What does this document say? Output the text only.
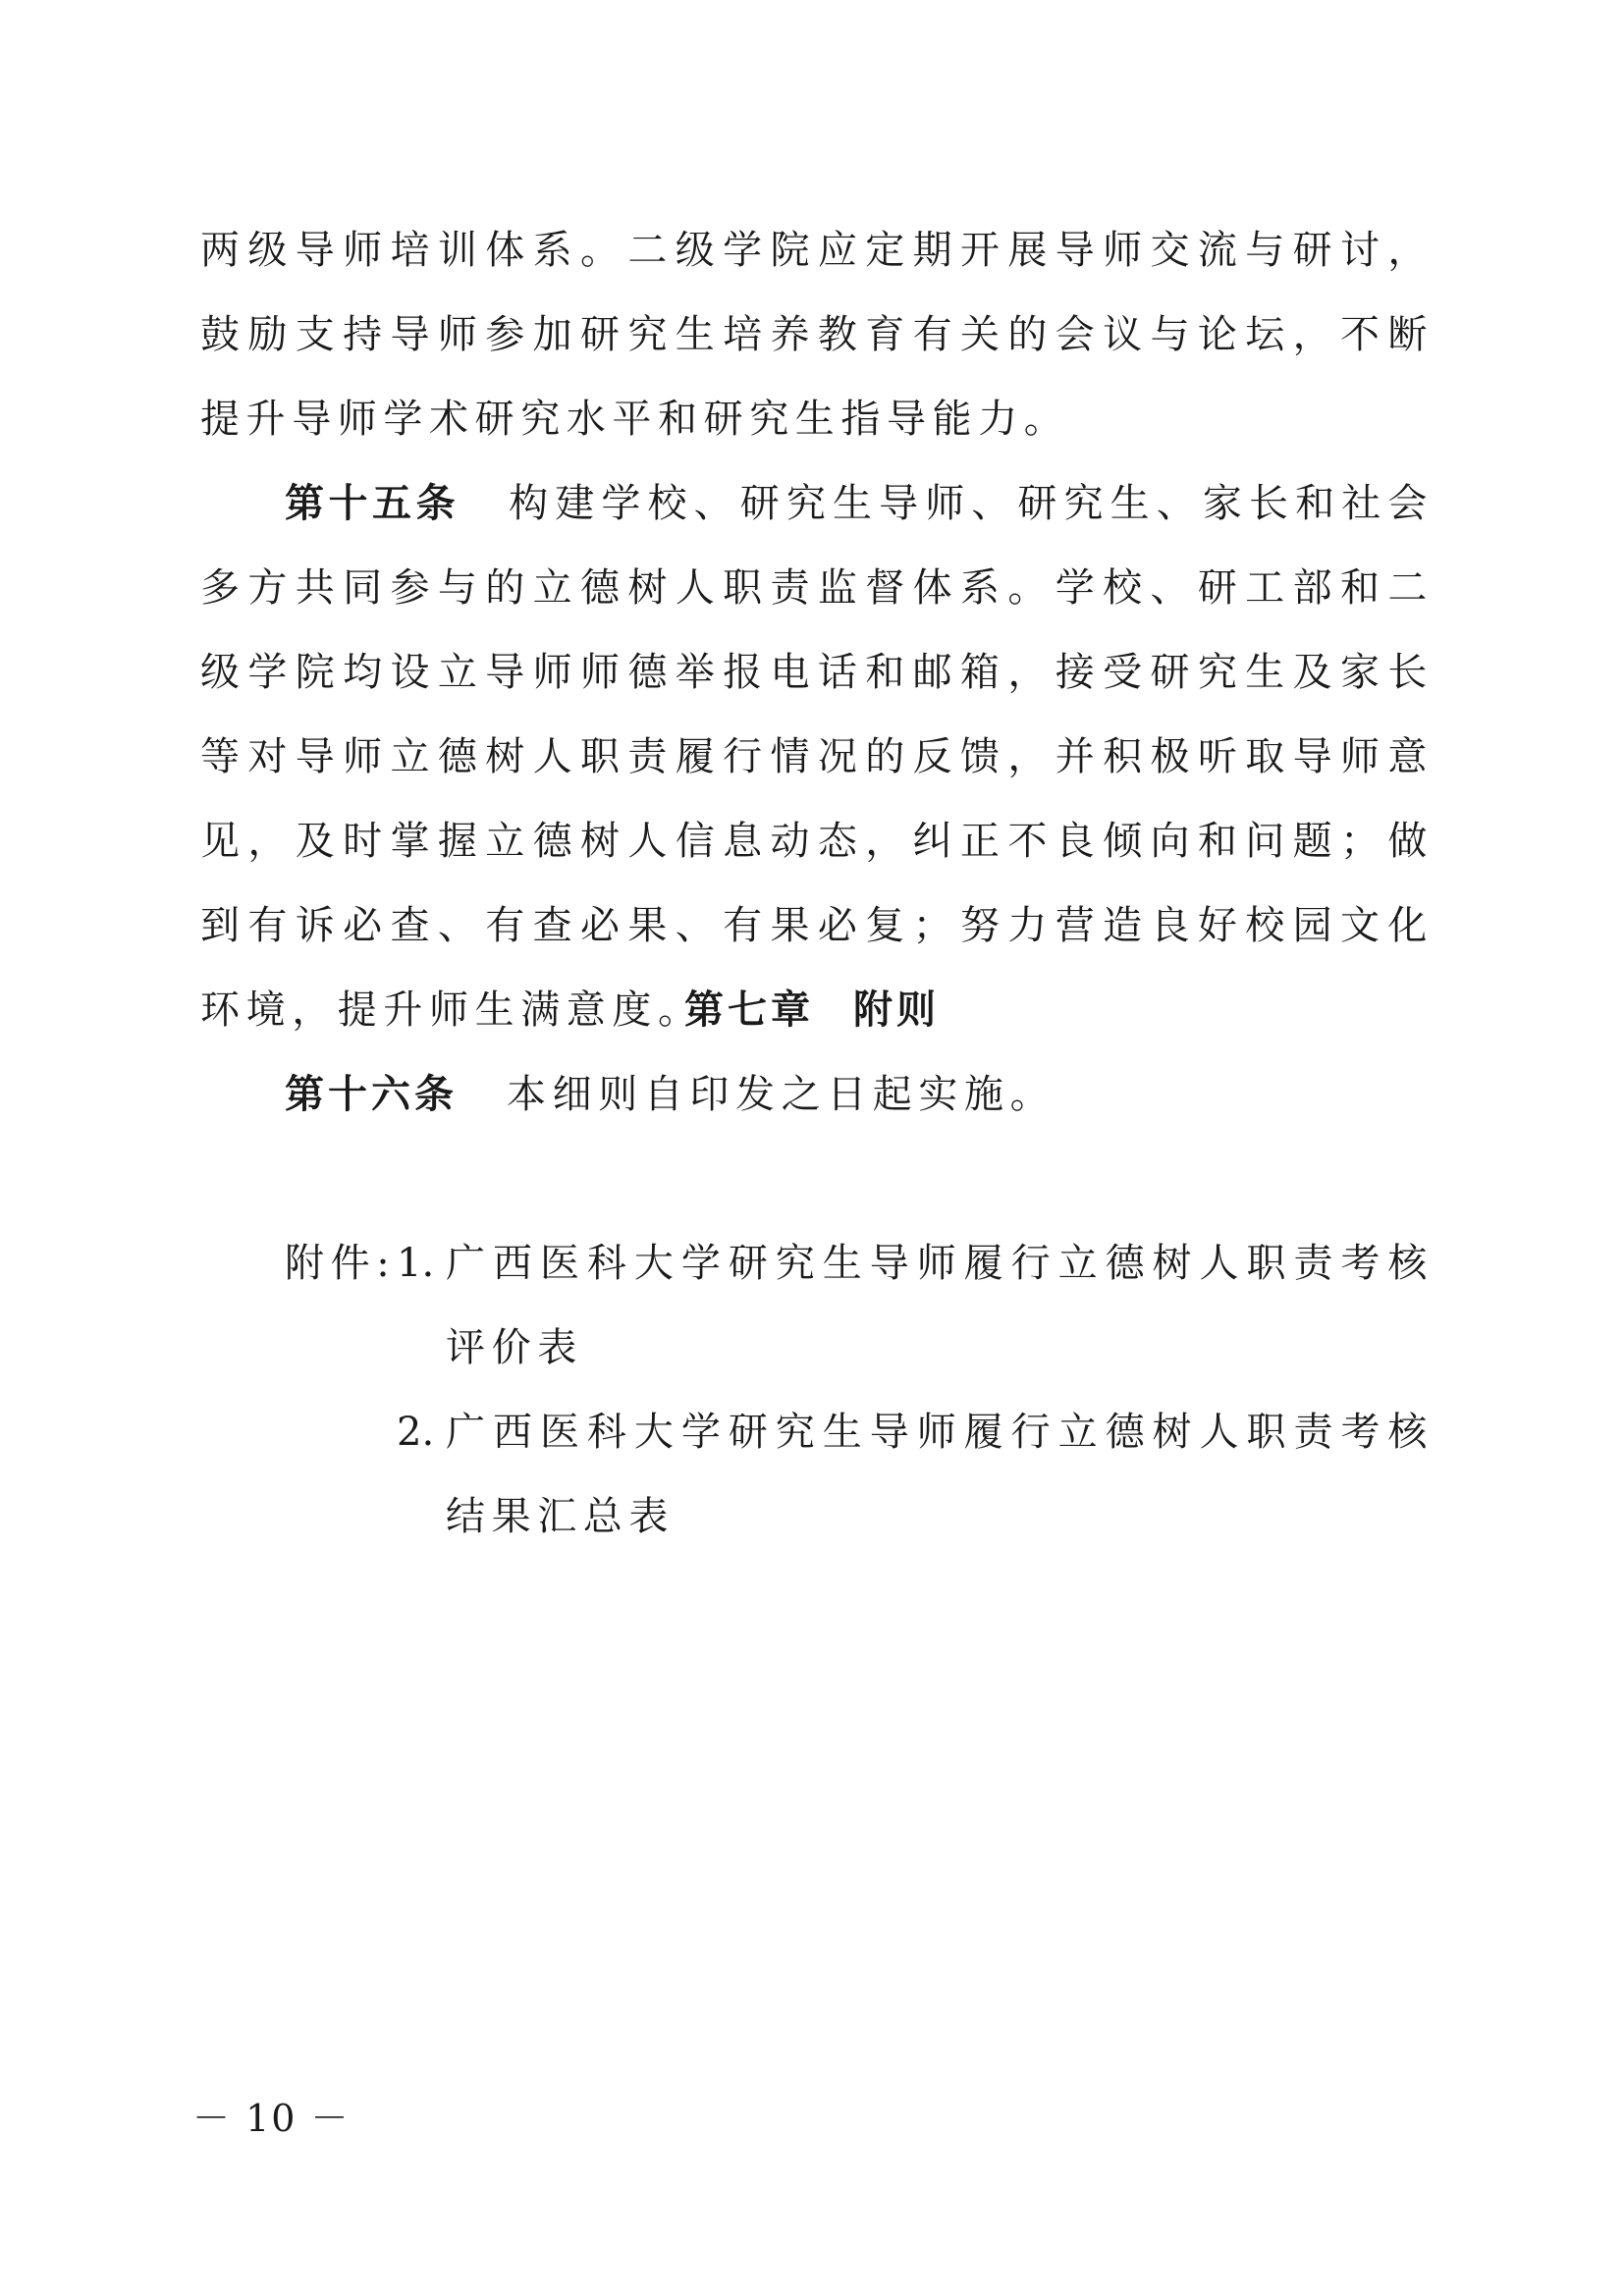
两级导师培训体系。二级学院应定期开展导师交流与研讨，鼓励支持导师参加研究生培养教育有关的会议与论坛，不断提升导师学术研究水平和研究生指导能力。

第十五条 构建学校、研究生导师、研究生、家长和社会多方共同参与的立德树人职责监督体系。学校、研工部和二级学院均设立导师师德举报电话和邮箱，接受研究生及家长等对导师立德树人职责履行情况的反馈，并积极听取导师意见，及时掌握立德树人信息动态，纠正不良倾向和问题；做到有诉必查、有查必果、有果必复；努力营造良好校园文化环境，提升师生满意度。

第七章 附则

第十六条 本细则自印发之日起实施。

附件: 1. 广西医科大学研究生导师履行立德树人职责考核评价表
2. 广西医科大学研究生导师履行立德树人职责考核结果汇总表

－ 10 －
